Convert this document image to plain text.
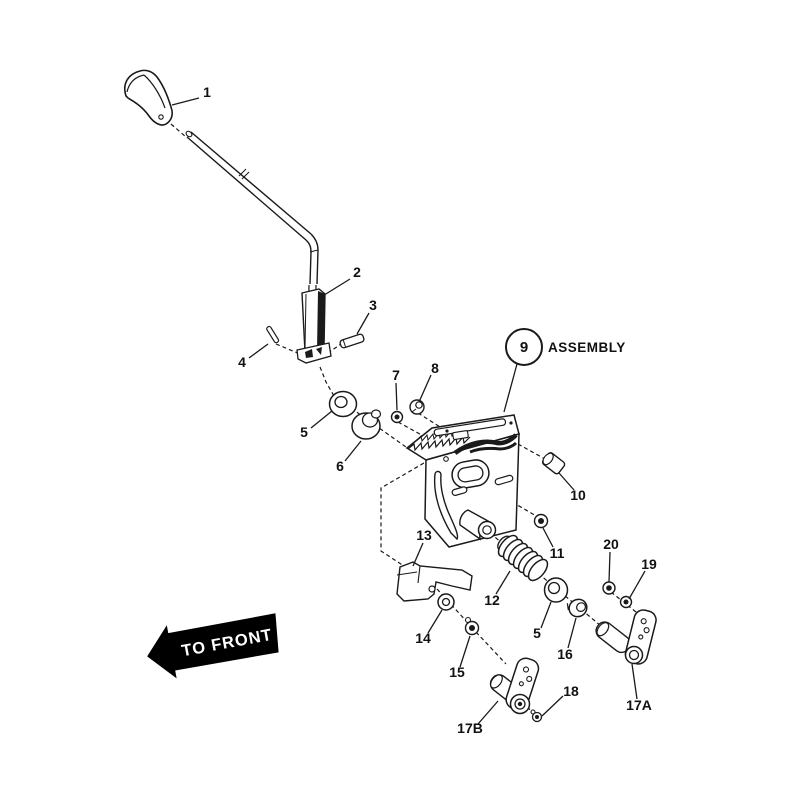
1
2
3
4
5
6
7 8
10
11
12
13
14
15
16
5
17A
17B
18
19
20
9 ASSEMBLY
TO FRONT
